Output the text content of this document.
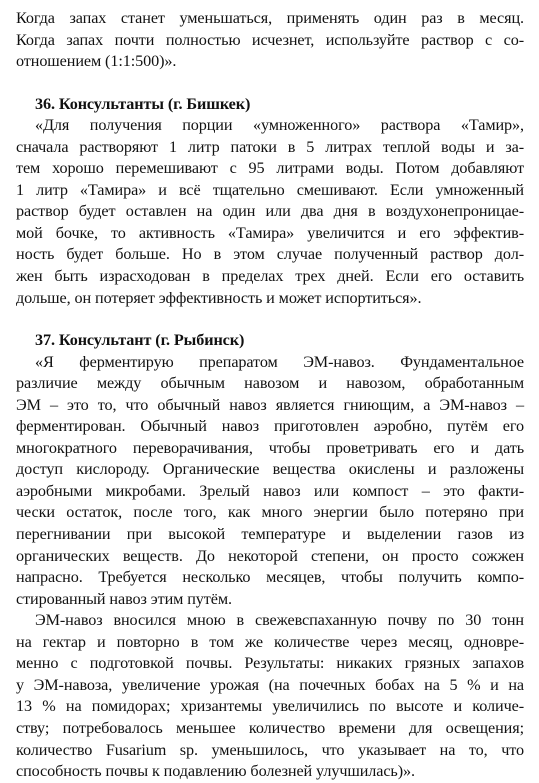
Когда запах станет уменьшаться, применять один раз в месяц.
Когда запах почти полностью исчезнет, используйте раствор с со-
отношением (1:1:500)».
36. Консультанты (г. Бишкек)
«Для получения порции «умноженного» раствора «Тамир»,
сначала растворяют 1 литр патоки в 5 литрах теплой воды и за-
тем хорошо перемешивают с 95 литрами воды. Потом добавляют
1 литр «Тамира» и всё тщательно смешивают. Если умноженный
раствор будет оставлен на один или два дня в воздухонепроницае-
мой бочке, то активность «Тамира» увеличится и его эффектив-
ность будет больше. Но в этом случае полученный раствор дол-
жен быть израсходован в пределах трех дней. Если его оставить
дольше, он потеряет эффективность и может испортиться».
37. Консультант (г. Рыбинск)
«Я ферментирую препаратом ЭМ-навоз. Фундаментальное
различие между обычным навозом и навозом, обработанным
ЭМ – это то, что обычный навоз является гниющим, а ЭМ-навоз –
ферментирован. Обычный навоз приготовлен аэробно, путём его
многократного переворачивания, чтобы проветривать его и дать
доступ кислороду. Органические вещества окислены и разложены
аэробными микробами. Зрелый навоз или компост – это факти-
чески остаток, после того, как много энергии было потеряно при
перегнивании при высокой температуре и выделении газов из
органических веществ. До некоторой степени, он просто сожжен
напрасно. Требуется несколько месяцев, чтобы получить компо-
стированный навоз этим путём.
ЭМ-навоз вносился мною в свежевспаханную почву по 30 тонн
на гектар и повторно в том же количестве через месяц, одновре-
менно с подготовкой почвы. Результаты: никаких грязных запахов
у ЭМ-навоза, увеличение урожая (на почечных бобах на 5 % и на
13 % на помидорах; хризантемы увеличились по высоте и количе-
ству; потребовалось меньшее количество времени для освещения;
количество Fusarium sp. уменьшилось, что указывает на то, что
способность почвы к подавлению болезней улучшилась)».
